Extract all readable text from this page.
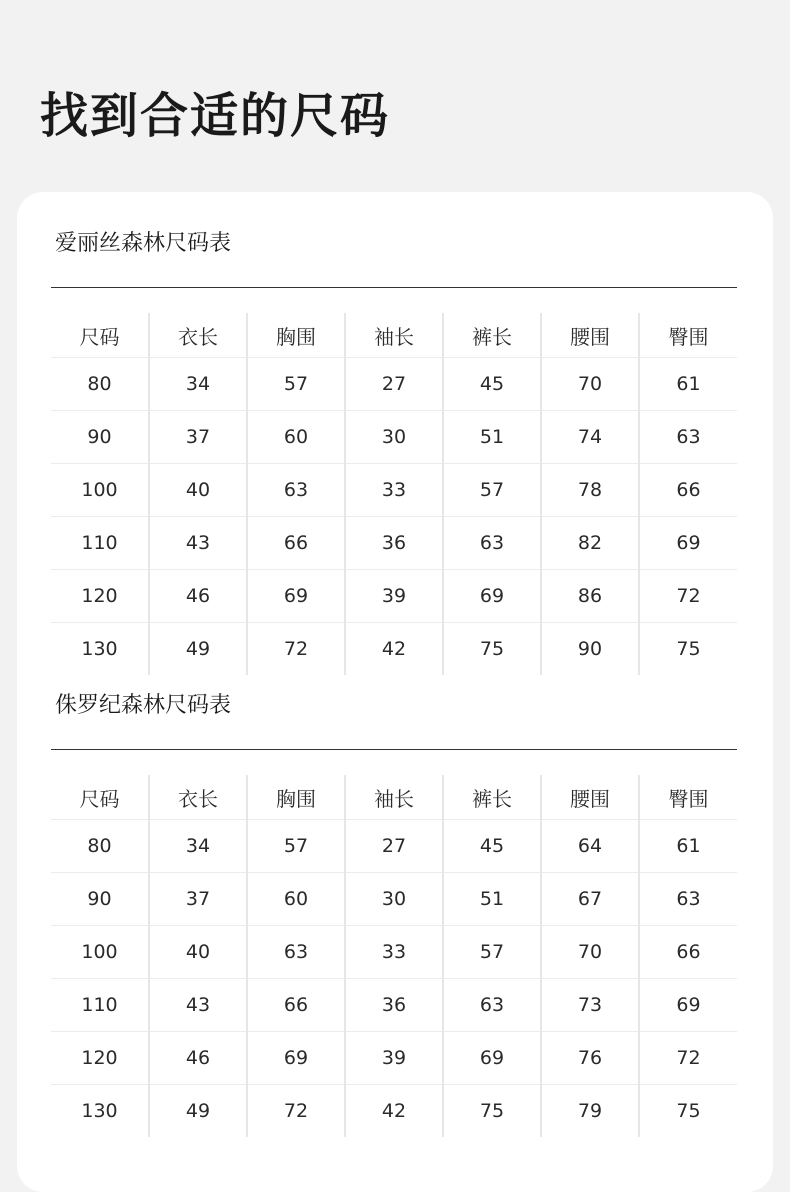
找到合适的尺码
爱丽丝森林尺码表
尺码	衣长	胸围	袖长	裤长	腰围	臀围
80	34	57	27	45	70	61
90	37	60	30	51	74	63
100	40	63	33	57	78	66
110	43	66	36	63	82	69
120	46	69	39	69	86	72
130	49	72	42	75	90	75
侏罗纪森林尺码表
尺码	衣长	胸围	袖长	裤长	腰围	臀围
80	34	57	27	45	64	61
90	37	60	30	51	67	63
100	40	63	33	57	70	66
110	43	66	36	63	73	69
120	46	69	39	69	76	72
130	49	72	42	75	79	75
